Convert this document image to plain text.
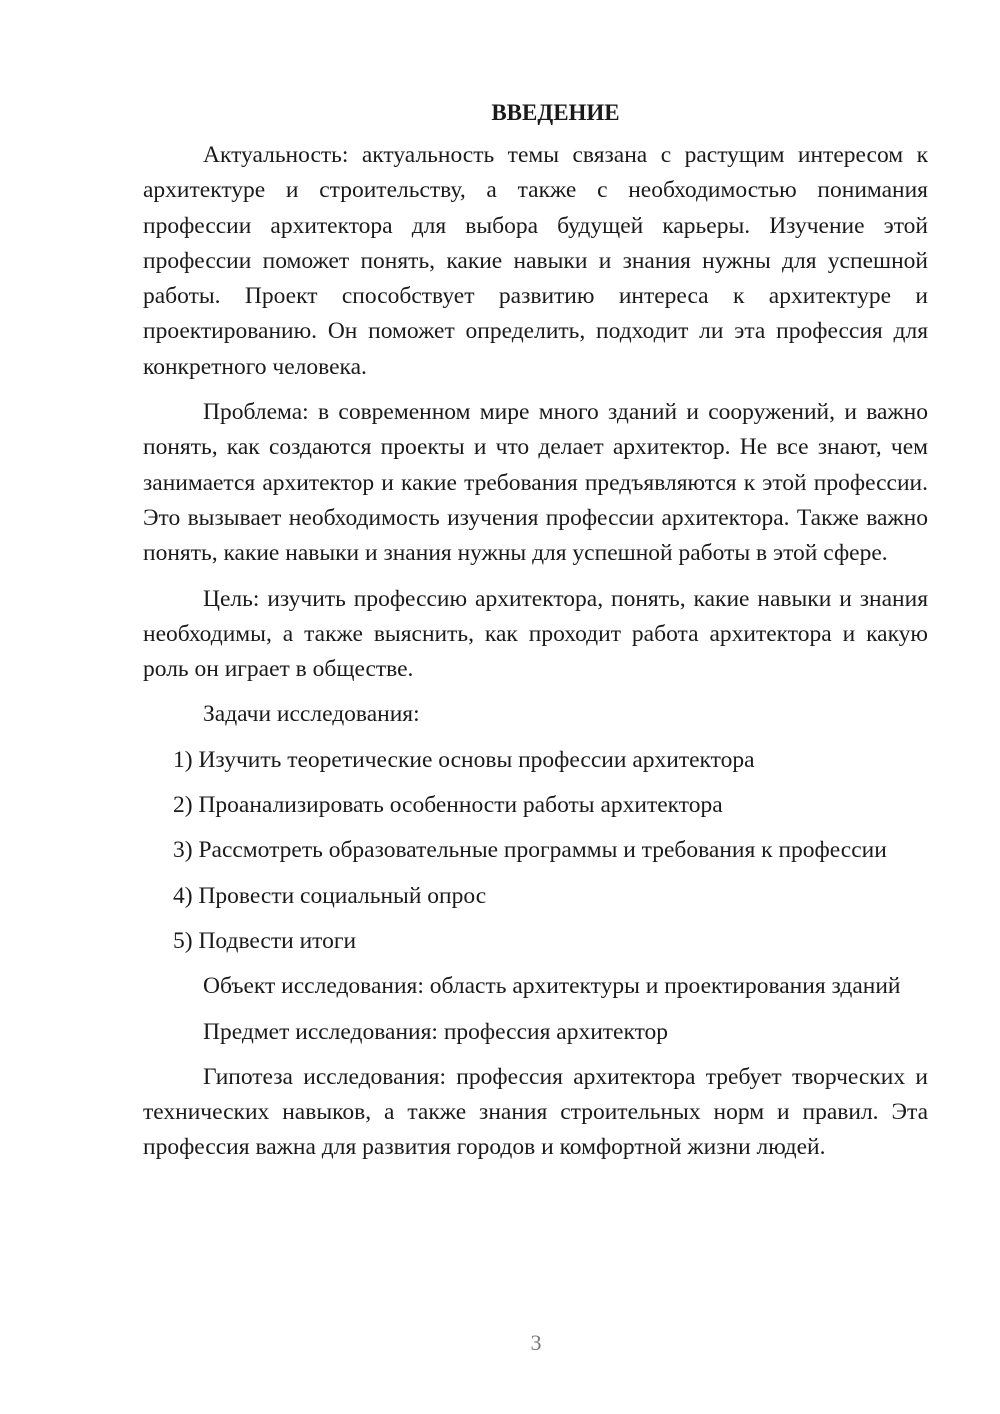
ВВЕДЕНИЕ

Актуальность: актуальность темы связана с растущим интересом к архитектуре и строительству, а также с необходимостью понимания профессии архитектора для выбора будущей карьеры. Изучение этой профессии поможет понять, какие навыки и знания нужны для успешной работы. Проект способствует развитию интереса к архитектуре и проектированию. Он поможет определить, подходит ли эта профессия для конкретного человека.

Проблема: в современном мире много зданий и сооружений, и важно понять, как создаются проекты и что делает архитектор. Не все знают, чем занимается архитектор и какие требования предъявляются к этой профессии. Это вызывает необходимость изучения профессии архитектора. Также важно понять, какие навыки и знания нужны для успешной работы в этой сфере.

Цель: изучить профессию архитектора, понять, какие навыки и знания необходимы, а также выяснить, как проходит работа архитектора и какую роль он играет в обществе.

Задачи исследования:

1) Изучить теоретические основы профессии архитектора

2) Проанализировать особенности работы архитектора

3) Рассмотреть образовательные программы и требования к профессии

4) Провести социальный опрос

5) Подвести итоги

Объект исследования: область архитектуры и проектирования зданий

Предмет исследования: профессия архитектор

Гипотеза исследования: профессия архитектора требует творческих и технических навыков, а также знания строительных норм и правил. Эта профессия важна для развития городов и комфортной жизни людей.

3
